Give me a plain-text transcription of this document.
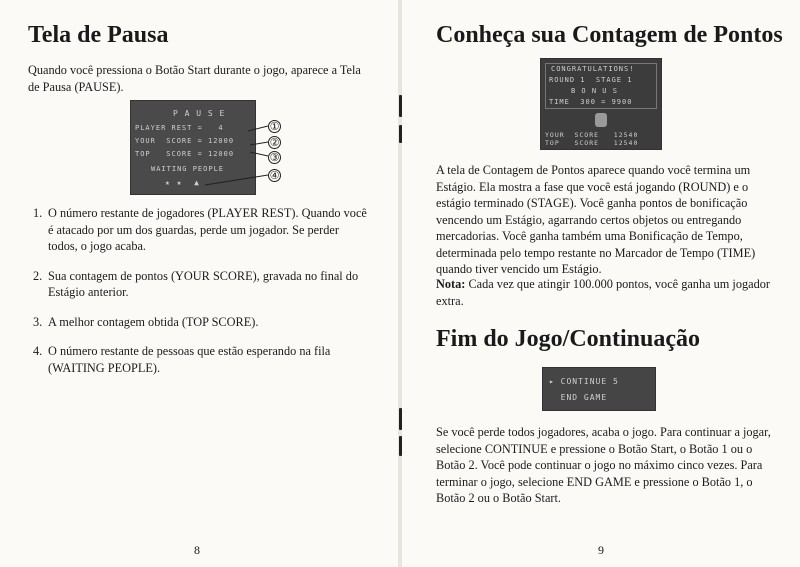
Tela de Pausa
Quando você pressiona o Botão Start durante o jogo, aparece a Tela de Pausa (PAUSE).
P A U S E
PLAYER REST =   4
YOUR  SCORE = 12000
TOP   SCORE = 12000
WAITING PEOPLE
★ ★  ▲
①
②
③
④
1. O número restante de jogadores (PLAYER REST). Quando você é atacado por um dos guardas, perde um jogador. Se perder todos, o jogo acaba.
2. Sua contagem de pontos (YOUR SCORE), gravada no final do Estágio anterior.
3. A melhor contagem obtida (TOP SCORE).
4. O número restante de pessoas que estão esperando na fila (WAITING PEOPLE).
8
Conheça sua Contagem de Pontos
CONGRATULATIONS!
ROUND 1  STAGE 1
B O N U S
TIME  300 = 9900
YOUR  SCORE   12540
TOP   SCORE   12540
A tela de Contagem de Pontos aparece quando você termina um Estágio. Ela mostra a fase que você está jogando (ROUND) e o estágio terminado (STAGE). Você ganha pontos de bonificação vencendo um Estágio, agarrando certos objetos ou entregando mercadorias. Você ganha também uma Bonificação de Tempo, determinada pelo tempo restante no Marcador de Tempo (TIME) quando tiver vencido um Estágio.
Nota: Cada vez que atingir 100.000 pontos, você ganha um jogador extra.
Fim do Jogo/Continuação
▸ CONTINUE 5
END GAME
Se você perde todos jogadores, acaba o jogo. Para continuar a jogar, selecione CONTINUE e pressione o Botão Start, o Botão 1 ou o Botão 2. Você pode continuar o jogo no máximo cinco vezes. Para terminar o jogo, selecione END GAME e pressione o Botão 1, o Botão 2 ou o Botão Start.
9
